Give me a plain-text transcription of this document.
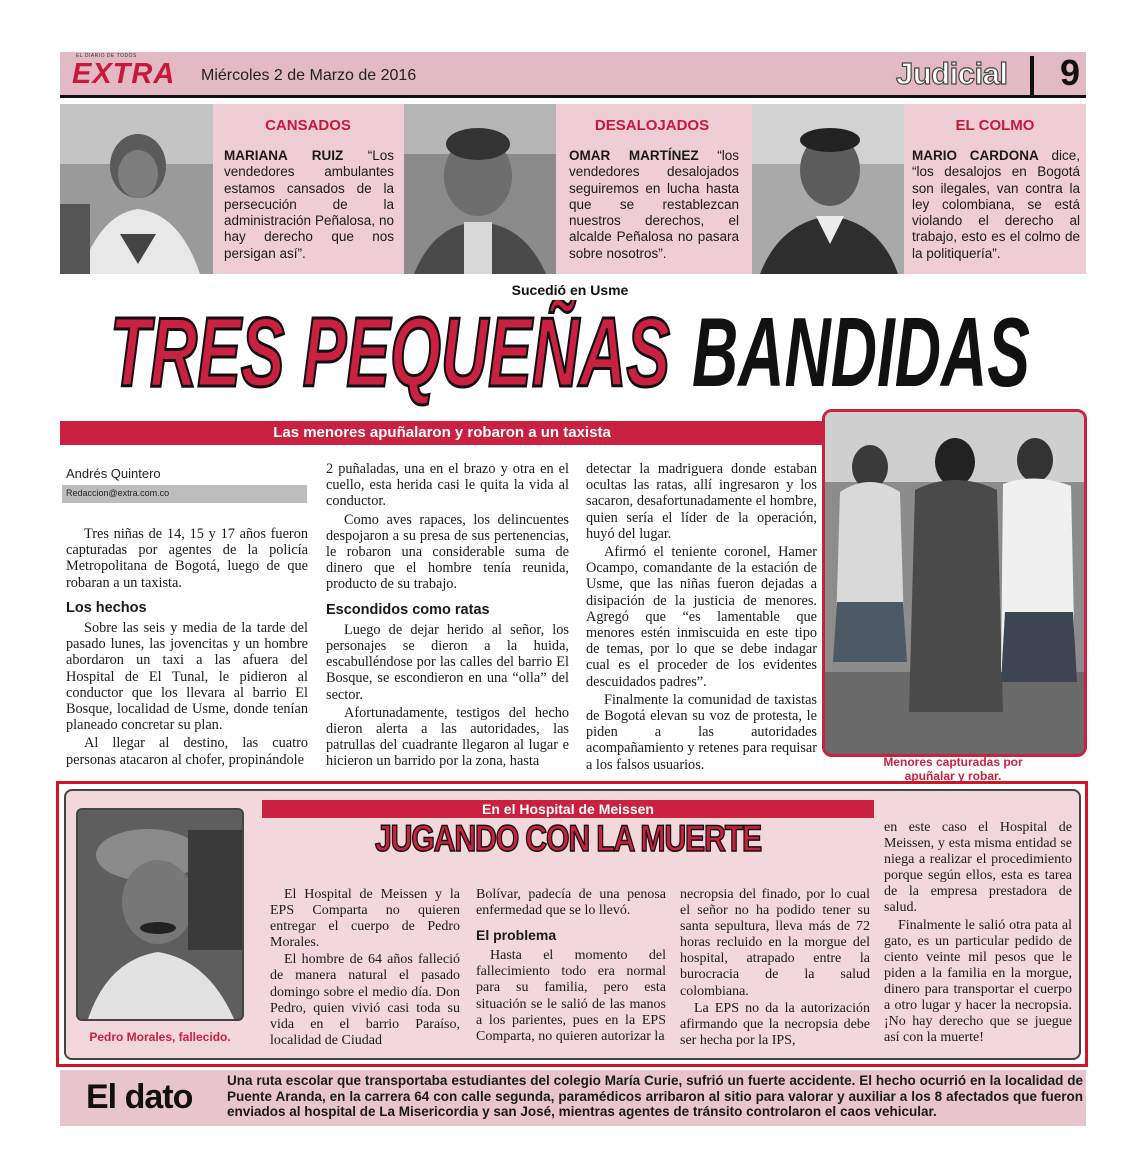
EL DIARIO DE TODOS
EXTRA Miércoles 2 de Marzo de 2016	Judicial 9
CANSADOS
MARIANA RUIZ “Los vendedores ambulantes estamos cansados de la persecución de la administración Peñalosa, no hay derecho que nos persigan así”.
DESALOJADOS
OMAR MARTÍNEZ “los vendedores desalojados seguiremos en lucha hasta que se restablezcan nuestros derechos, el alcalde Peñalosa no pasara sobre nosotros”.
EL COLMO
MARIO CARDONA dice, “los desalojos en Bogotá son ilegales, van contra la ley colombiana, se está violando el derecho al trabajo, esto es el colmo de la politiquería”.
Sucedió en Usme
TRES PEQUEÑAS BANDIDAS
Las menores apuñalaron y robaron a un taxista
Andrés Quintero
Redaccion@extra.com.co

Tres niñas de 14, 15 y 17 años fueron capturadas por agentes de la policía Metropolitana de Bogotá, luego de que robaran a un taxista.

Los hechos

Sobre las seis y media de la tarde del pasado lunes, las jovencitas y un hombre abordaron un taxi a las afuera del Hospital de El Tunal, le pidieron al conductor que los llevara al barrio El Bosque, localidad de Usme, donde tenían planeado concretar su plan.

Al llegar al destino, las cuatro personas atacaron al chofer, propinándole

2 puñaladas, una en el brazo y otra en el cuello, esta herida casi le quita la vida al conductor.

Como aves rapaces, los delincuentes despojaron a su presa de sus pertenencias, le robaron una considerable suma de dinero que el hombre tenía reunida, producto de su trabajo.

Escondidos como ratas

Luego de dejar herido al señor, los personajes se dieron a la huida, escabulléndose por las calles del barrio El Bosque, se escondieron en una “olla” del sector.

Afortunadamente, testigos del hecho dieron alerta a las autoridades, las patrullas del cuadrante llegaron al lugar e hicieron un barrido por la zona, hasta

detectar la madriguera donde estaban ocultas las ratas, allí ingresaron y los sacaron, desafortunadamente el hombre, quien sería el líder de la operación, huyó del lugar.

Afirmó el teniente coronel, Hamer Ocampo, comandante de la estación de Usme, que las niñas fueron dejadas a disipación de la justicia de menores. Agregó que “es lamentable que menores estén inmiscuida en este tipo de temas, por lo que se debe indagar cual es el proceder de los evidentes descuidados padres”.

Finalmente la comunidad de taxistas de Bogotá elevan su voz de protesta, le piden a las autoridades acompañamiento y retenes para requisar a los falsos usuarios.	Menores capturadas por apuñalar y robar.
En el Hospital de Meissen
JUGANDO CON LA MUERTE
Pedro Morales, fallecido.

El Hospital de Meissen y la EPS Comparta no quieren entregar el cuerpo de Pedro Morales.

El hombre de 64 años falleció de manera natural el pasado domingo sobre el medio día. Don Pedro, quien vivió casi toda su vida en el barrio Paraíso, localidad de Ciudad

Bolívar, padecía de una penosa enfermedad que se lo llevó.

El problema

Hasta el momento del fallecimiento todo era normal para su familia, pero esta situación se le salió de las manos a los parientes, pues en la EPS Comparta, no quieren autorizar la

necropsia del finado, por lo cual el señor no ha podido tener su santa sepultura, lleva más de 72 horas recluido en la morgue del hospital, atrapado entre la burocracia de la salud colombiana.

La EPS no da la autorización afirmando que la necropsia debe ser hecha por la IPS,

en este caso el Hospital de Meissen, y esta misma entidad se niega a realizar el procedimiento porque según ellos, esta es tarea de la empresa prestadora de salud.

Finalmente le salió otra pata al gato, es un particular pedido de ciento veinte mil pesos que le piden a la familia en la morgue, dinero para transportar el cuerpo a otro lugar y hacer la necropsia. ¡No hay derecho que se juegue así con la muerte!

El dato	Una ruta escolar que transportaba estudiantes del colegio María Curie, sufrió un fuerte accidente. El hecho ocurrió en la localidad de Puente Aranda, en la carrera 64 con calle segunda, paramédicos arribaron al sitio para valorar y auxiliar a los 8 afectados que fueron enviados al hospital de La Misericordia y san José, mientras agentes de tránsito controlaron el caos vehicular.
